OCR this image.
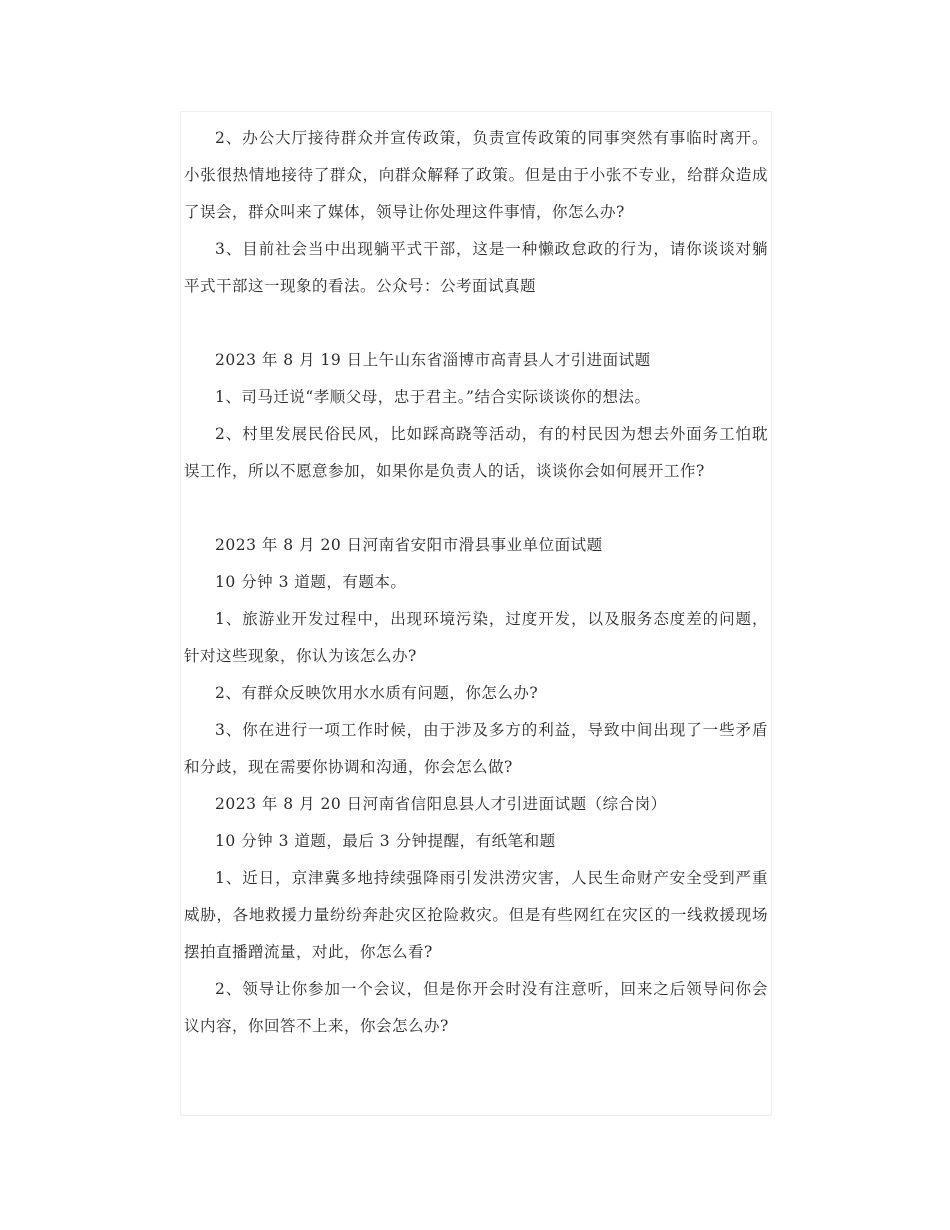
2、办公大厅接待群众并宣传政策，负责宣传政策的同事突然有事临时离开。小张很热情地接待了群众，向群众解释了政策。但是由于小张不专业，给群众造成了误会，群众叫来了媒体，领导让你处理这件事情，你怎么办?

3、目前社会当中出现躺平式干部，这是一种懒政怠政的行为，请你谈谈对躺平式干部这一现象的看法。公众号：公考面试真题

2023 年 8 月 19 日上午山东省淄博市高青县人才引进面试题

1、司马迁说“孝顺父母，忠于君主。”结合实际谈谈你的想法。

2、村里发展民俗民风，比如踩高跷等活动，有的村民因为想去外面务工怕耽误工作，所以不愿意参加，如果你是负责人的话，谈谈你会如何展开工作?

2023 年 8 月 20 日河南省安阳市滑县事业单位面试题

10 分钟 3 道题，有题本。

1、旅游业开发过程中，出现环境污染，过度开发，以及服务态度差的问题，针对这些现象，你认为该怎么办?

2、有群众反映饮用水水质有问题，你怎么办?

3、你在进行一项工作时候，由于涉及多方的利益，导致中间出现了一些矛盾和分歧，现在需要你协调和沟通，你会怎么做?

2023 年 8 月 20 日河南省信阳息县人才引进面试题（综合岗）

10 分钟 3 道题，最后 3 分钟提醒，有纸笔和题

1、近日，京津冀多地持续强降雨引发洪涝灾害，人民生命财产安全受到严重威胁，各地救援力量纷纷奔赴灾区抢险救灾。但是有些网红在灾区的一线救援现场摆拍直播蹭流量，对此，你怎么看?

2、领导让你参加一个会议，但是你开会时没有注意听，回来之后领导问你会议内容，你回答不上来，你会怎么办?
